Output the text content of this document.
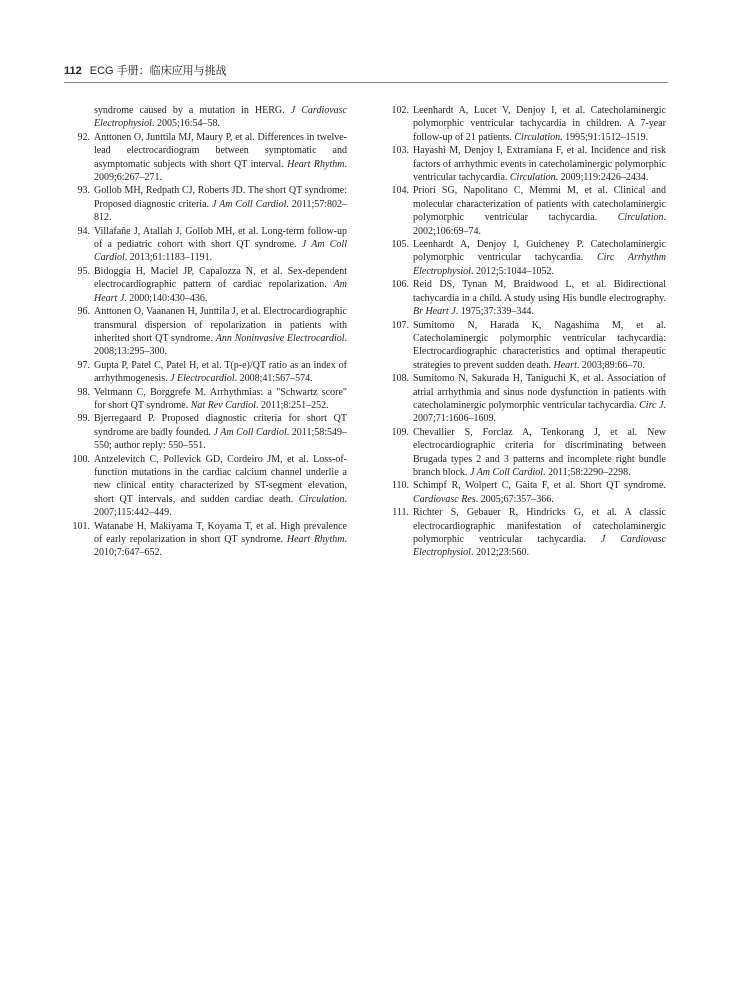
112 ECG 手册：临床应用与挑战
syndrome caused by a mutation in HERG. J Cardiovasc Electrophysiol. 2005;16:54–58.
92. Anttonen O, Junttila MJ, Maury P, et al. Differences in twelve-lead electrocardiogram between symptomatic and asymptomatic subjects with short QT interval. Heart Rhythm. 2009;6:267–271.
93. Gollob MH, Redpath CJ, Roberts JD. The short QT syndrome: Proposed diagnostic criteria. J Am Coll Cardiol. 2011;57:802–812.
94. Villafañe J, Atallah J, Gollob MH, et al. Long-term follow-up of a pediatric cohort with short QT syndrome. J Am Coll Cardiol. 2013;61:1183–1191.
95. Bidoggia H, Maciel JP, Capalozza N, et al. Sex-dependent electrocardiographic pattern of cardiac repolarization. Am Heart J. 2000;140:430–436.
96. Anttonen O, Vaananen H, Junttila J, et al. Electrocardiographic transmural dispersion of repolarization in patients with inherited short QT syndrome. Ann Noninvasive Electrocardiol. 2008;13:295–300.
97. Gupta P, Patel C, Patel H, et al. T(p-e)/QT ratio as an index of arrhythmogenesis. J Electrocardiol. 2008;41:567–574.
98. Veltmann C, Borggrefe M. Arrhythmias: a "Schwartz score" for short QT syndrome. Nat Rev Cardiol. 2011;8:251–252.
99. Bjerregaard P. Proposed diagnostic criteria for short QT syndrome are badly founded. J Am Coll Cardiol. 2011;58:549–550; author reply: 550–551.
100. Antzelevitch C, Pollevick GD, Cordeiro JM, et al. Loss-of-function mutations in the cardiac calcium channel underlie a new clinical entity characterized by ST-segment elevation, short QT intervals, and sudden cardiac death. Circulation. 2007;115:442–449.
101. Watanabe H, Makiyama T, Koyama T, et al. High prevalence of early repolarization in short QT syndrome. Heart Rhythm. 2010;7:647–652.
102. Leenhardt A, Lucet V, Denjoy I, et al. Catecholaminergic polymorphic ventricular tachycardia in children. A 7-year follow-up of 21 patients. Circulation. 1995;91:1512–1519.
103. Hayashi M, Denjoy I, Extramiana F, et al. Incidence and risk factors of arrhythmic events in catecholaminergic polymorphic ventricular tachycardia. Circulation. 2009;119:2426–2434.
104. Priori SG, Napolitano C, Memmi M, et al. Clinical and molecular characterization of patients with catecholaminergic polymorphic ventricular tachycardia. Circulation. 2002;106:69–74.
105. Leenhardt A, Denjoy I, Guicheney P. Catecholaminergic polymorphic ventricular tachycardia. Circ Arrhythm Electrophysiol. 2012;5:1044–1052.
106. Reid DS, Tynan M, Braidwood L, et al. Bidirectional tachycardia in a child. A study using His bundle electrography. Br Heart J. 1975;37:339–344.
107. Sumitomo N, Harada K, Nagashima M, et al. Catecholaminergic polymorphic ventricular tachycardia: Electrocardiographic characteristics and optimal therapeutic strategies to prevent sudden death. Heart. 2003;89:66–70.
108. Sumitomo N, Sakurada H, Taniguchi K, et al. Association of atrial arrhythmia and sinus node dysfunction in patients with catecholaminergic polymorphic ventricular tachycardia. Circ J. 2007;71:1606–1609.
109. Chevallier S, Forclaz A, Tenkorang J, et al. New electrocardiographic criteria for discriminating between Brugada types 2 and 3 patterns and incomplete right bundle branch block. J Am Coll Cardiol. 2011;58:2290–2298.
110. Schimpf R, Wolpert C, Gaita F, et al. Short QT syndrome. Cardiovasc Res. 2005;67:357–366.
111. Richter S, Gebauer R, Hindricks G, et al. A classic electrocardiographic manifestation of catecholaminergic polymorphic ventricular tachycardia. J Cardiovasc Electrophysiol. 2012;23:560.
